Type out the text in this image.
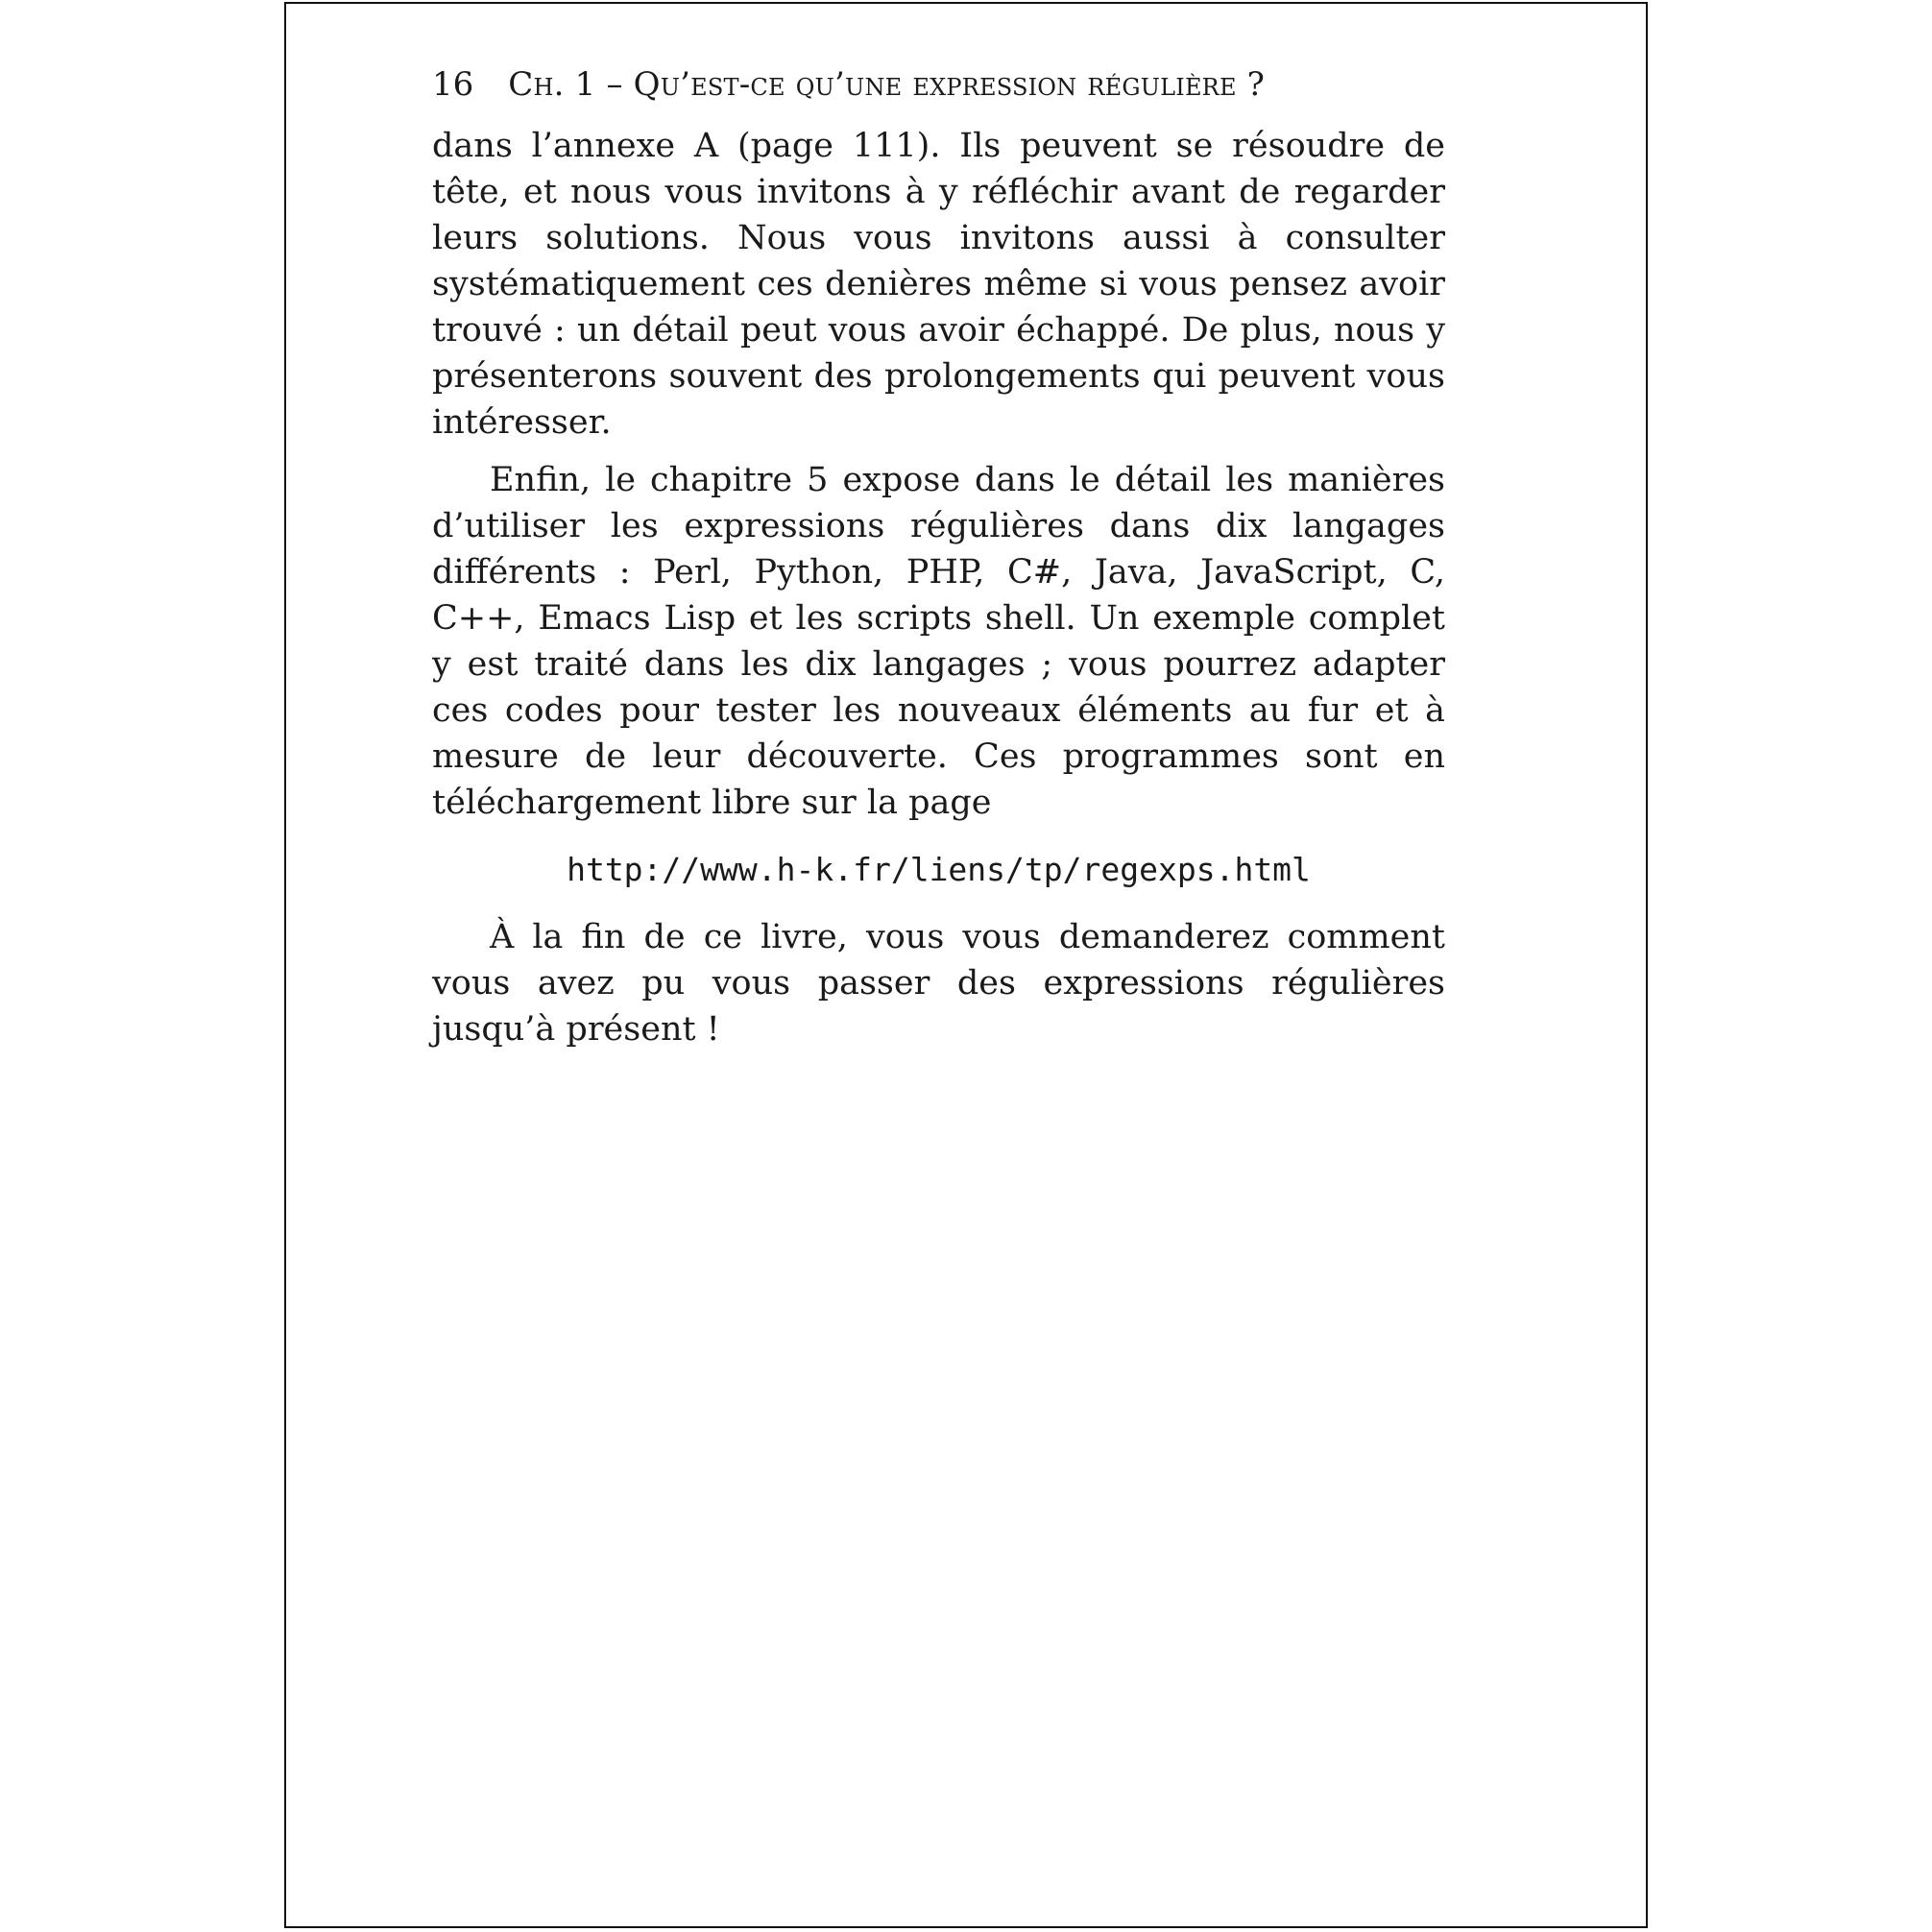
16 Ch. 1 – Qu’est-ce qu’une expression régulière ?

dans l’annexe A (page 111). Ils peuvent se résoudre de tête, et nous vous invitons à y réfléchir avant de regarder leurs solutions. Nous vous invitons aussi à consulter systématiquement ces denières même si vous pensez avoir trouvé : un détail peut vous avoir échappé. De plus, nous y présenterons souvent des prolongements qui peuvent vous intéresser.

Enfin, le chapitre 5 expose dans le détail les manières d’utiliser les expressions régulières dans dix langages différents : Perl, Python, PHP, C#, Java, JavaScript, C, C++, Emacs Lisp et les scripts shell. Un exemple complet y est traité dans les dix langages ; vous pourrez adapter ces codes pour tester les nouveaux éléments au fur et à mesure de leur découverte. Ces programmes sont en téléchargement libre sur la page

http://www.h-k.fr/liens/tp/regexps.html

À la fin de ce livre, vous vous demanderez comment vous avez pu vous passer des expressions régulières jusqu’à présent !
